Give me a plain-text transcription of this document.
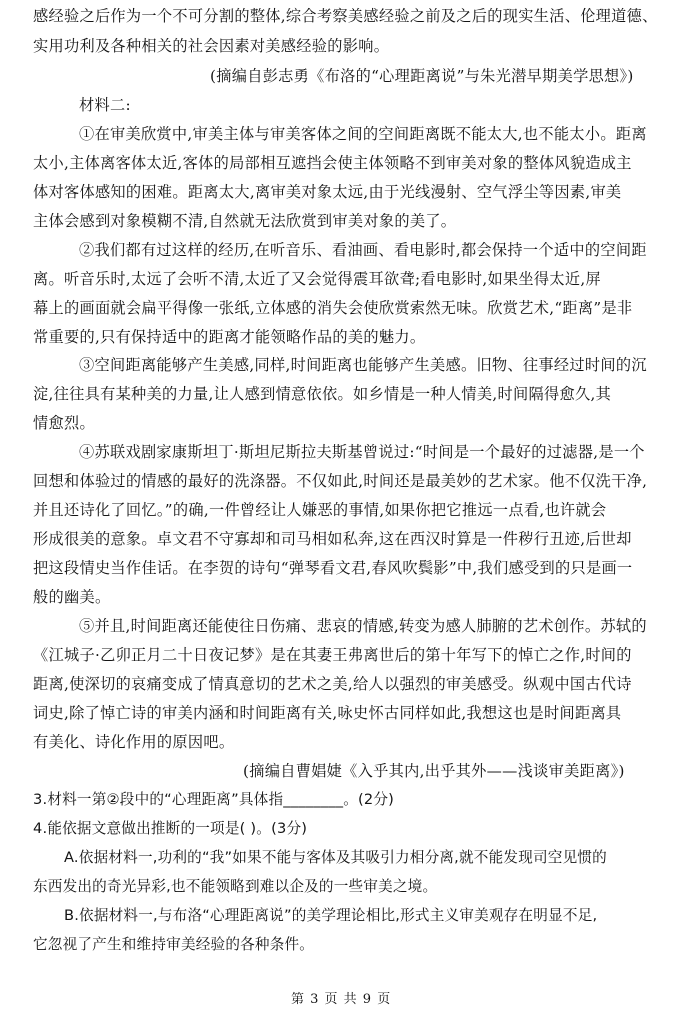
感经验之后作为一个不可分割的整体,综合考察美感经验之前及之后的现实生活、伦理道德、
实用功利及各种相关的社会因素对美感经验的影响。
(摘编自彭志勇《布洛的“心理距离说”与朱光潜早期美学思想》)
材料二:
①在审美欣赏中,审美主体与审美客体之间的空间距离既不能太大,也不能太小。距离
太小,主体离客体太近,客体的局部相互遮挡会使主体领略不到审美对象的整体风貌造成主
体对客体感知的困难。距离太大,离审美对象太远,由于光线漫射、空气浮尘等因素,审美
主体会感到对象模糊不清,自然就无法欣赏到审美对象的美了。
②我们都有过这样的经历,在听音乐、看油画、看电影时,都会保持一个适中的空间距
离。听音乐时,太远了会听不清,太近了又会觉得震耳欲聋;看电影时,如果坐得太近,屏
幕上的画面就会扁平得像一张纸,立体感的消失会使欣赏索然无味。欣赏艺术,“距离”是非
常重要的,只有保持适中的距离才能领略作品的美的魅力。
③空间距离能够产生美感,同样,时间距离也能够产生美感。旧物、往事经过时间的沉
淀,往往具有某种美的力量,让人感到情意依依。如乡情是一种人情美,时间隔得愈久,其
情愈烈。
④苏联戏剧家康斯坦丁·斯坦尼斯拉夫斯基曾说过:“时间是一个最好的过滤器,是一个
回想和体验过的情感的最好的洗涤器。不仅如此,时间还是最美妙的艺术家。他不仅洗干净,
并且还诗化了回忆。”的确,一件曾经让人嫌恶的事情,如果你把它推远一点看,也许就会
形成很美的意象。卓文君不守寡却和司马相如私奔,这在西汉时算是一件秽行丑迹,后世却
把这段情史当作佳话。在李贺的诗句“弹琴看文君,春风吹鬓影”中,我们感受到的只是画一
般的幽美。
⑤并且,时间距离还能使往日伤痛、悲哀的情感,转变为感人肺腑的艺术创作。苏轼的
《江城子·乙卯正月二十日夜记梦》是在其妻王弗离世后的第十年写下的悼亡之作,时间的
距离,使深切的哀痛变成了情真意切的艺术之美,给人以强烈的审美感受。纵观中国古代诗
词史,除了悼亡诗的审美内涵和时间距离有关,咏史怀古同样如此,我想这也是时间距离具
有美化、诗化作用的原因吧。
(摘编自曹娼婕《入乎其内,出乎其外——浅谈审美距离》)
3.材料一第②段中的“心理距离”具体指________。(2分)
4.能依据文意做出推断的一项是( )。(3分)
A.依据材料一,功利的“我”如果不能与客体及其吸引力相分离,就不能发现司空见惯的
东西发出的奇光异彩,也不能领略到难以企及的一些审美之境。
B.依据材料一,与布洛“心理距离说”的美学理论相比,形式主义审美观存在明显不足,
它忽视了产生和维持审美经验的各种条件。
第 3 页 共 9 页
